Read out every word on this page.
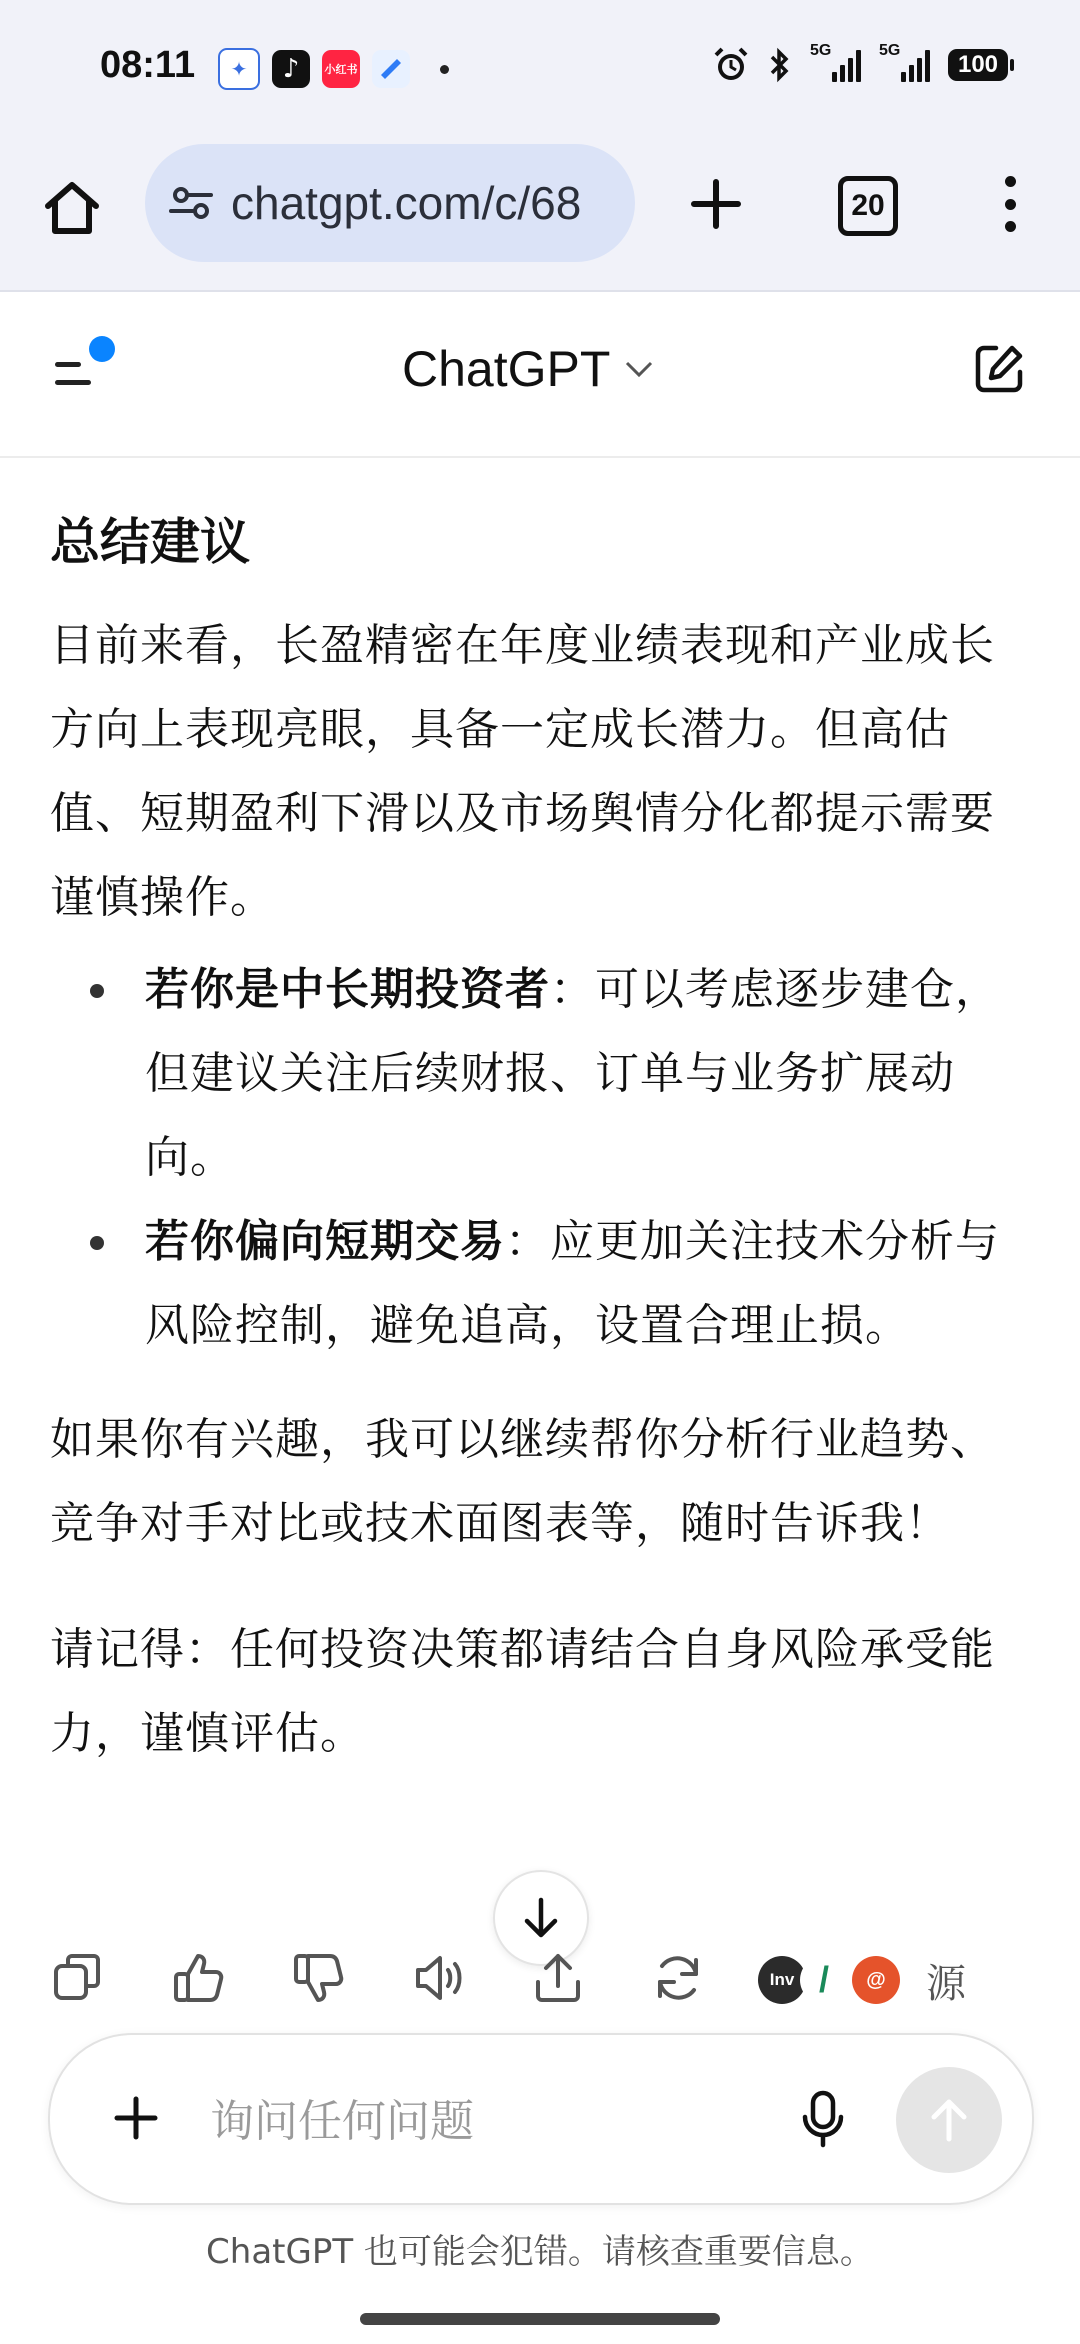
08:11	✦	♪	小红书
5G	5G
100
chatgpt.com/c/68	20
ChatGPT
总结建议

目前来看，长盈精密在年度业绩表现和产业成长方向上表现亮眼，具备一定成长潜力。但高估值、短期盈利下滑以及市场舆情分化都提示需要谨慎操作。

若你是中长期投资者：可以考虑逐步建仓，但建议关注后续财报、订单与业务扩展动向。
若你偏向短期交易：应更加关注技术分析与风险控制，避免追高，设置合理止损。

如果你有兴趣，我可以继续帮你分析行业趋势、竞争对手对比或技术面图表等，随时告诉我！

请记得：任何投资决策都请结合自身风险承受能力，谨慎评估。

Inv /	@	源
询问任何问题
ChatGPT 也可能会犯错。请核查重要信息。
